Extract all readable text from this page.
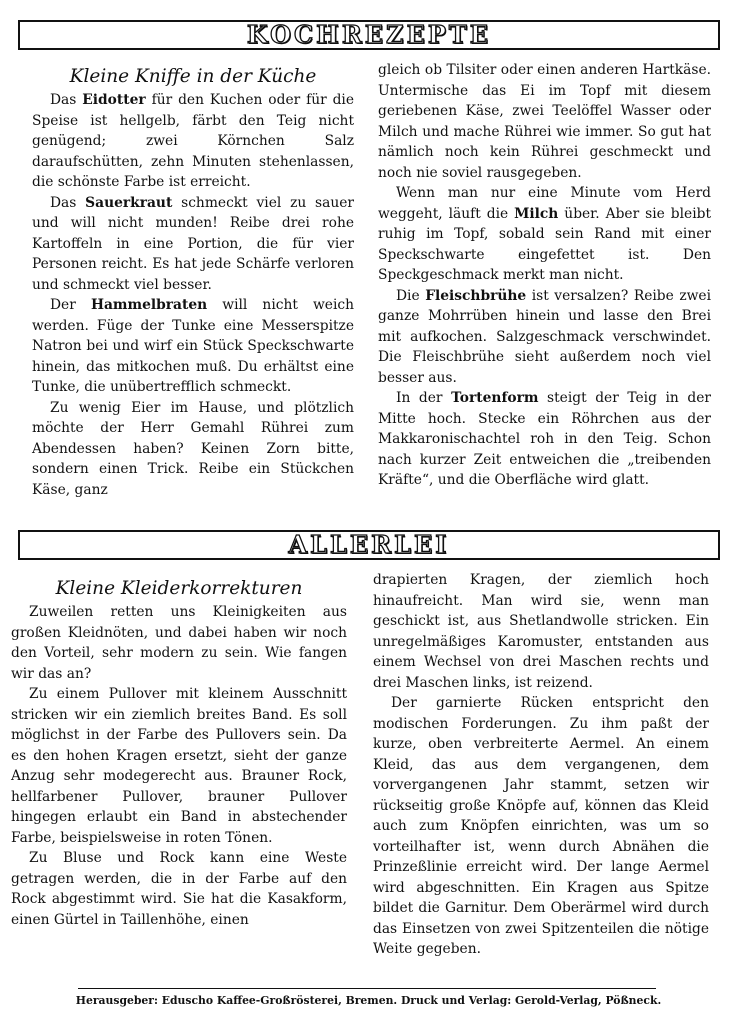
KOCHREZEPTE
Kleine Kniffe in der Küche

Das Eidotter für den Kuchen oder für die Speise ist hellgelb, färbt den Teig nicht genügend; zwei Körnchen Salz daraufschütten, zehn Minuten stehenlassen, die schönste Farbe ist erreicht.

Das Sauerkraut schmeckt viel zu sauer und will nicht munden! Reibe drei rohe Kartoffeln in eine Portion, die für vier Personen reicht. Es hat jede Schärfe verloren und schmeckt viel besser.

Der Hammelbraten will nicht weich werden. Füge der Tunke eine Messerspitze Natron bei und wirf ein Stück Speckschwarte hinein, das mitkochen muß. Du erhältst eine Tunke, die unübertrefflich schmeckt.

Zu wenig Eier im Hause, und plötzlich möchte der Herr Gemahl Rührei zum Abendessen haben? Keinen Zorn bitte, sondern einen Trick. Reibe ein Stückchen Käse, ganz

gleich ob Tilsiter oder einen anderen Hartkäse. Untermische das Ei im Topf mit diesem geriebenen Käse, zwei Teelöffel Wasser oder Milch und mache Rührei wie immer. So gut hat nämlich noch kein Rührei geschmeckt und noch nie soviel rausgegeben.

Wenn man nur eine Minute vom Herd weggeht, läuft die Milch über. Aber sie bleibt ruhig im Topf, sobald sein Rand mit einer Speckschwarte eingefettet ist. Den Speckgeschmack merkt man nicht.

Die Fleischbrühe ist versalzen? Reibe zwei ganze Mohrrüben hinein und lasse den Brei mit aufkochen. Salzgeschmack verschwindet. Die Fleischbrühe sieht außerdem noch viel besser aus.

In der Tortenform steigt der Teig in der Mitte hoch. Stecke ein Röhrchen aus der Makkaronischachtel roh in den Teig. Schon nach kurzer Zeit entweichen die „treibenden Kräfte“, und die Oberfläche wird glatt.

ALLERLEI
Kleine Kleiderkorrekturen

Zuweilen retten uns Kleinigkeiten aus großen Kleidnöten, und dabei haben wir noch den Vorteil, sehr modern zu sein. Wie fangen wir das an?

Zu einem Pullover mit kleinem Ausschnitt stricken wir ein ziemlich breites Band. Es soll möglichst in der Farbe des Pullovers sein. Da es den hohen Kragen ersetzt, sieht der ganze Anzug sehr modegerecht aus. Brauner Rock, hellfarbener Pullover, brauner Pullover hingegen erlaubt ein Band in abstechender Farbe, beispielsweise in roten Tönen.

Zu Bluse und Rock kann eine Weste getragen werden, die in der Farbe auf den Rock abgestimmt wird. Sie hat die Kasakform, einen Gürtel in Taillenhöhe, einen

drapierten Kragen, der ziemlich hoch hinaufreicht. Man wird sie, wenn man geschickt ist, aus Shetlandwolle stricken. Ein unregelmäßiges Karomuster, entstanden aus einem Wechsel von drei Maschen rechts und drei Maschen links, ist reizend.

Der garnierte Rücken entspricht den modischen Forderungen. Zu ihm paßt der kurze, oben verbreiterte Aermel. An einem Kleid, das aus dem vergangenen, dem vorvergangenen Jahr stammt, setzen wir rückseitig große Knöpfe auf, können das Kleid auch zum Knöpfen einrichten, was um so vorteilhafter ist, wenn durch Abnähen die Prinzeßlinie erreicht wird. Der lange Aermel wird abgeschnitten. Ein Kragen aus Spitze bildet die Garnitur. Dem Oberärmel wird durch das Einsetzen von zwei Spitzenteilen die nötige Weite gegeben.

Herausgeber: Eduscho Kaffee-Großrösterei, Bremen. Druck und Verlag: Gerold-Verlag, Pößneck.
